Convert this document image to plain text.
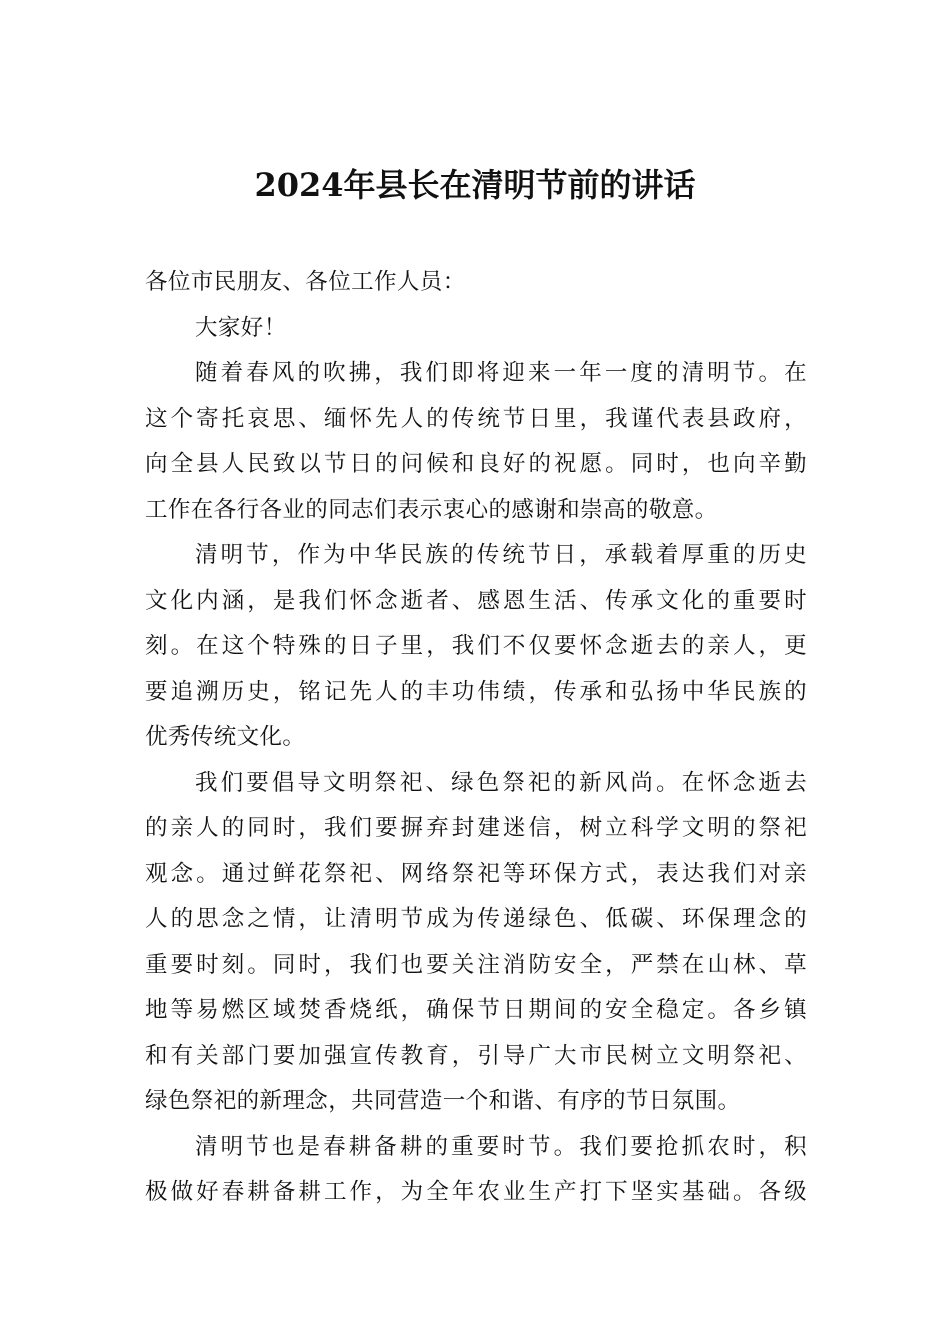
2024年县长在清明节前的讲话
各位市民朋友、各位工作人员：
大家好！
随着春风的吹拂，我们即将迎来一年一度的清明节。在
这个寄托哀思、缅怀先人的传统节日里，我谨代表县政府，
向全县人民致以节日的问候和良好的祝愿。同时，也向辛勤
工作在各行各业的同志们表示衷心的感谢和崇高的敬意。
清明节，作为中华民族的传统节日，承载着厚重的历史
文化内涵，是我们怀念逝者、感恩生活、传承文化的重要时
刻。在这个特殊的日子里，我们不仅要怀念逝去的亲人，更
要追溯历史，铭记先人的丰功伟绩，传承和弘扬中华民族的
优秀传统文化。
我们要倡导文明祭祀、绿色祭祀的新风尚。在怀念逝去
的亲人的同时，我们要摒弃封建迷信，树立科学文明的祭祀
观念。通过鲜花祭祀、网络祭祀等环保方式，表达我们对亲
人的思念之情，让清明节成为传递绿色、低碳、环保理念的
重要时刻。同时，我们也要关注消防安全，严禁在山林、草
地等易燃区域焚香烧纸，确保节日期间的安全稳定。各乡镇
和有关部门要加强宣传教育，引导广大市民树立文明祭祀、
绿色祭祀的新理念，共同营造一个和谐、有序的节日氛围。
清明节也是春耕备耕的重要时节。我们要抢抓农时，积
极做好春耕备耕工作，为全年农业生产打下坚实基础。各级
